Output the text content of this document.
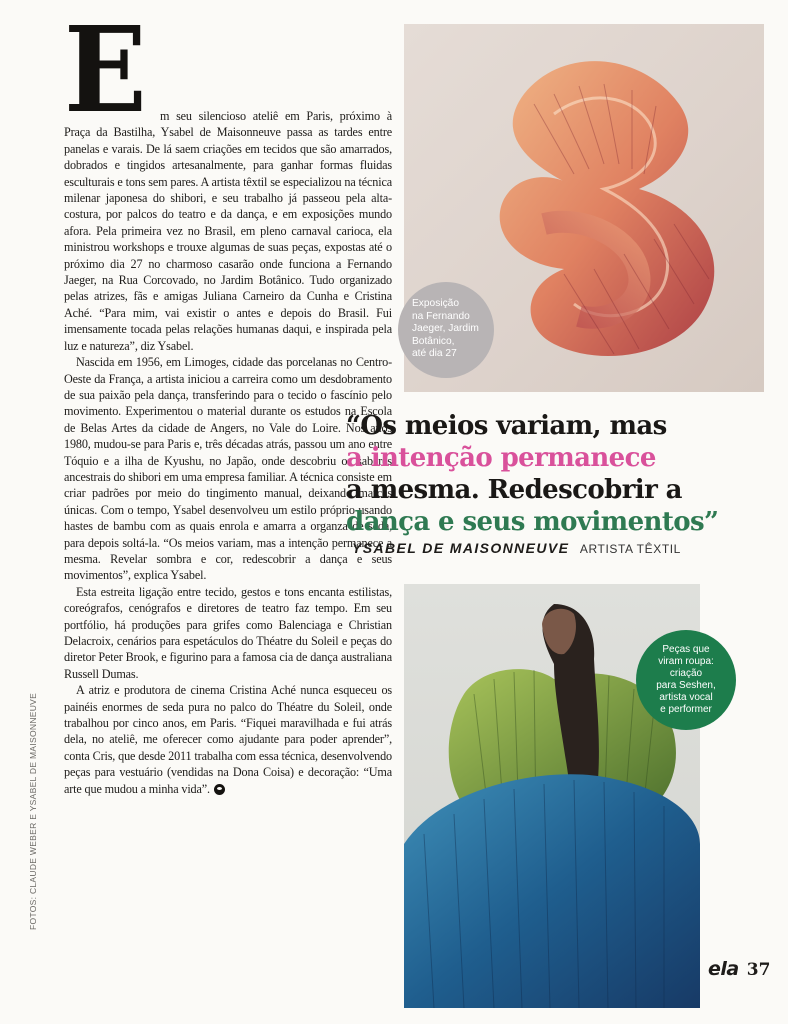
FOTOS: CLAUDE WEBER E YSABEL DE MAISONNEUVE
E	m seu silencioso ateliê em Paris, próximo à Praça da Bastilha, Ysabel de Maisonneuve passa as tardes entre panelas e varais. De lá saem criações em tecidos que são amarrados, dobrados e tingidos artesanalmente, para ganhar formas fluidas esculturais e tons sem pares. A artista têxtil se especializou na técnica milenar japonesa do shibori, e seu trabalho já passeou pela alta-costura, por palcos do teatro e da dança, e em exposições mundo afora. Pela primeira vez no Brasil, em pleno carnaval carioca, ela ministrou workshops e trouxe algumas de suas peças, expostas até o próximo dia 27 no charmoso casarão onde funciona a Fernando Jaeger, na Rua Corcovado, no Jardim Botânico. Tudo organizado pelas atrizes, fãs e amigas Juliana Carneiro da Cunha e Cristina Aché. “Para mim, vai existir o antes e depois do Brasil. Fui imensamente tocada pelas relações humanas daqui, e inspirada pela luz e natureza”, diz Ysabel.

Nascida em 1956, em Limoges, cidade das porcelanas no Centro-Oeste da França, a artista iniciou a carreira como um desdobramento de sua paixão pela dança, transferindo para o tecido o fascínio pelo movimento. Experimentou o material durante os estudos na Escola de Belas Artes da cidade de Angers, no Vale do Loire. Nos anos 1980, mudou-se para Paris e, três décadas atrás, passou um ano entre Tóquio e a ilha de Kyushu, no Japão, onde descobriu os saberes ancestrais do shibori em uma empresa familiar. A técnica consiste em criar padrões por meio do tingimento manual, deixando marcas únicas. Com o tempo, Ysabel desenvolveu um estilo próprio usando hastes de bambu com as quais enrola e amarra a organza de seda, para depois soltá-la. “Os meios variam, mas a intenção permanece a mesma. Revelar sombra e cor, redescobrir a dança e seus movimentos”, explica Ysabel.

Esta estreita ligação entre tecido, gestos e tons encanta estilistas, coreógrafos, cenógrafos e diretores de teatro faz tempo. Em seu portfólio, há produções para grifes como Balenciaga e Christian Delacroix, cenários para espetáculos do Théatre du Soleil e peças do diretor Peter Brook, e figurino para a famosa cia de dança australiana Russell Dumas.

A atriz e produtora de cinema Cristina Aché nunca esqueceu os painéis enormes de seda pura no palco do Théatre du Soleil, onde trabalhou por cinco anos, em Paris. “Fiquei maravilhada e fui atrás dela, no ateliê, me oferecer como ajudante para poder aprender”, conta Cris, que desde 2011 trabalha com essa técnica, desenvolvendo peças para vestuário (vendidas na Dona Coisa) e decoração: “Uma arte que mudou a minha vida”.

Exposição
na Fernando
Jaeger, Jardim
Botânico,
até dia 27
“Os meios variam, mas
a intenção permanece
a mesma. Redescobrir a
dança e seus movimentos”
YSABEL DE MAISONNEUVE ARTISTA TÊXTIL
Peças que
viram roupa:
criação
para Seshen,
artista vocal
e performer
ela 37
